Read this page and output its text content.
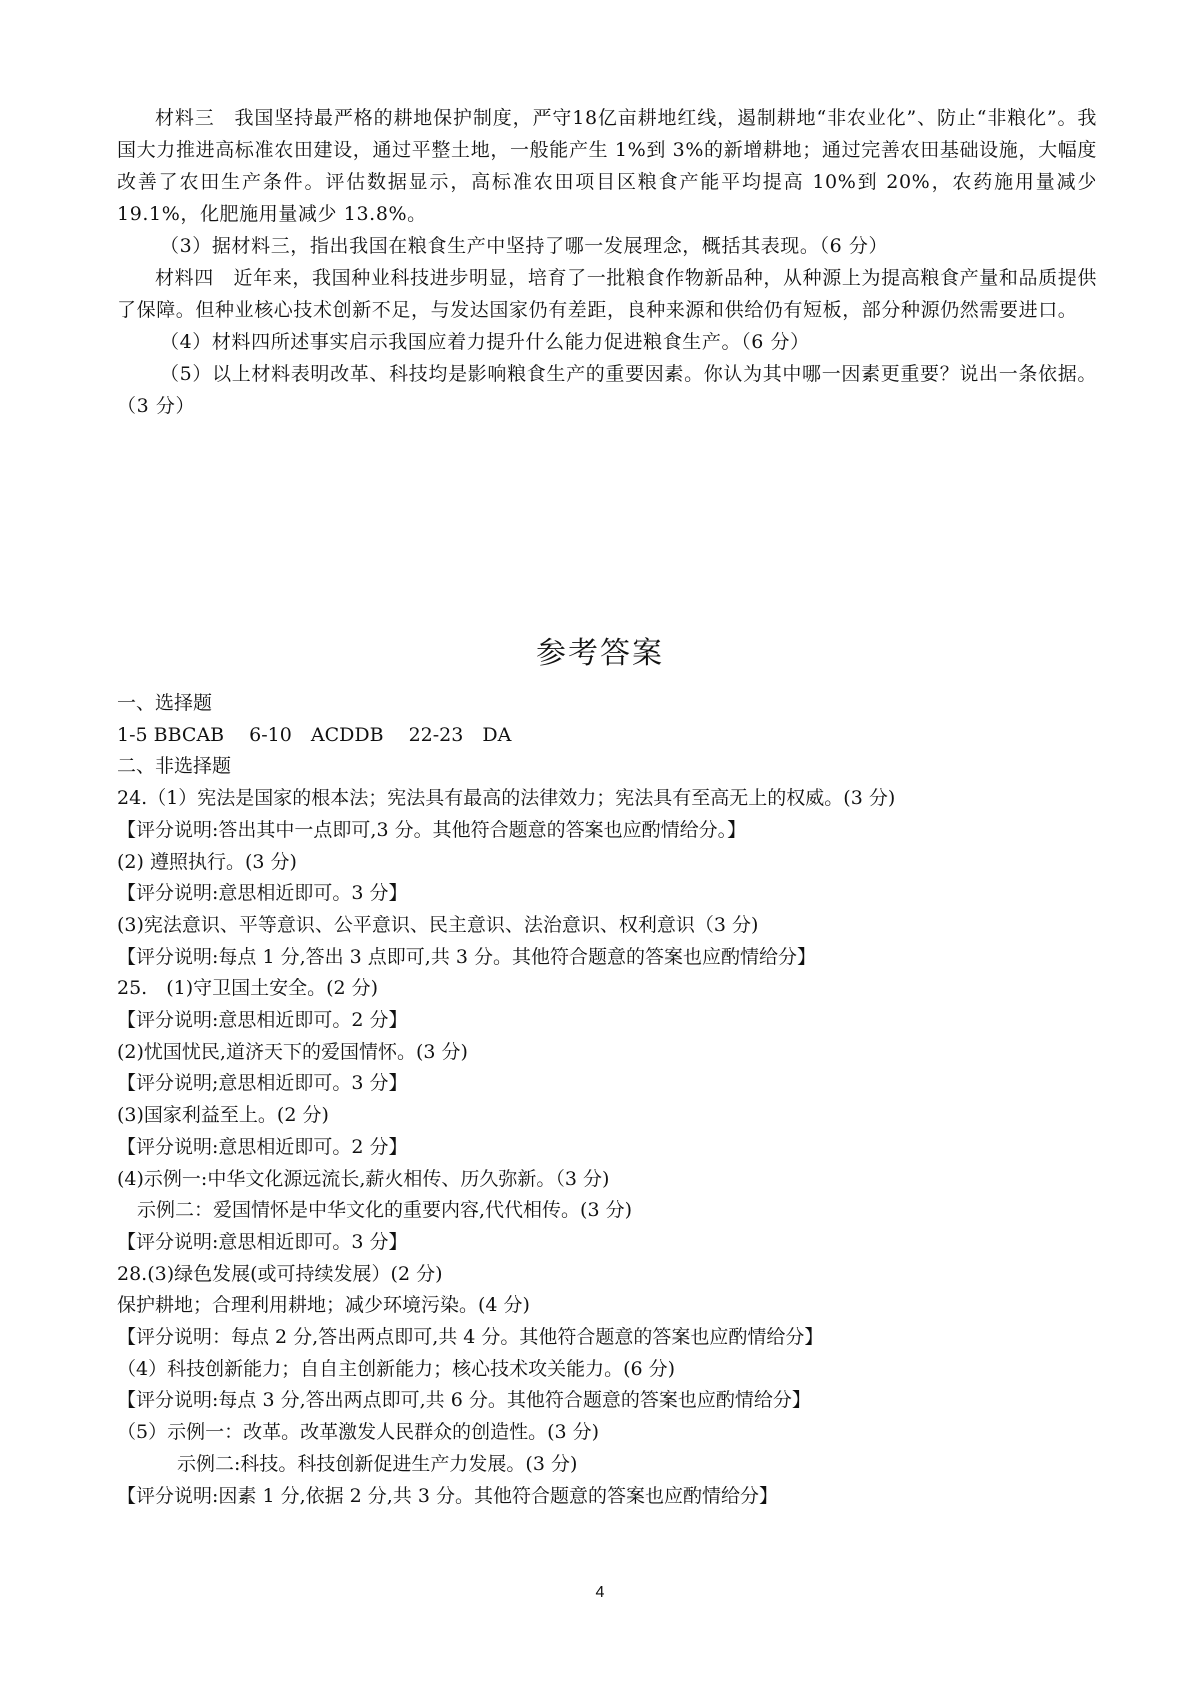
材料三　我国坚持最严格的耕地保护制度，严守18亿亩耕地红线，遏制耕地“非农业化”、防止“非粮化”。我国大力推进高标准农田建设，通过平整土地，一般能产生 1%到 3%的新增耕地；通过完善农田基础设施，大幅度改善了农田生产条件。评估数据显示，高标准农田项目区粮食产能平均提高 10%到 20%，农药施用量减少 19.1%，化肥施用量减少 13.8%。

（3）据材料三，指出我国在粮食生产中坚持了哪一发展理念，概括其表现。（6 分）

材料四　近年来，我国种业科技进步明显，培育了一批粮食作物新品种，从种源上为提高粮食产量和品质提供了保障。但种业核心技术创新不足，与发达国家仍有差距，良种来源和供给仍有短板，部分种源仍然需要进口。

（4）材料四所述事实启示我国应着力提升什么能力促进粮食生产。（6 分）

（5）以上材料表明改革、科技均是影响粮食生产的重要因素。你认为其中哪一因素更重要？说出一条依据。（3 分）

参考答案

一、选择题

1-5 BBCAB　 6-10　ACDDB　 22-23　DA

二、非选择题

24.（1）宪法是国家的根本法；宪法具有最高的法律效力；宪法具有至高无上的权威。(3 分)

【评分说明:答出其中一点即可,3 分。其他符合题意的答案也应酌情给分。】

(2) 遵照执行。(3 分)

【评分说明:意思相近即可。3 分】

(3)宪法意识、平等意识、公平意识、民主意识、法治意识、权利意识（3 分)

【评分说明:每点 1 分,答出 3 点即可,共 3 分。其他符合题意的答案也应酌情给分】

25.　(1)守卫国土安全。(2 分)

【评分说明:意思相近即可。2 分】

(2)忧国忧民,道济天下的爱国情怀。(3 分)

【评分说明;意思相近即可。3 分】

(3)国家利益至上。(2 分)

【评分说明:意思相近即可。2 分】

(4)示例一:中华文化源远流长,薪火相传、历久弥新。（3 分)

示例二：爱国情怀是中华文化的重要内容,代代相传。(3 分)

【评分说明:意思相近即可。3 分】

28.(3)绿色发展(或可持续发展）(2 分)

保护耕地；合理利用耕地；减少环境污染。(4 分)

【评分说明：每点 2 分,答出两点即可,共 4 分。其他符合题意的答案也应酌情给分】

（4）科技创新能力；自自主创新能力；核心技术攻关能力。(6 分)

【评分说明:每点 3 分,答出两点即可,共 6 分。其他符合题意的答案也应酌情给分】

（5）示例一：改革。改革激发人民群众的创造性。(3 分)

示例二:科技。科技创新促进生产力发展。(3 分)

【评分说明:因素 1 分,依据 2 分,共 3 分。其他符合题意的答案也应酌情给分】

4
